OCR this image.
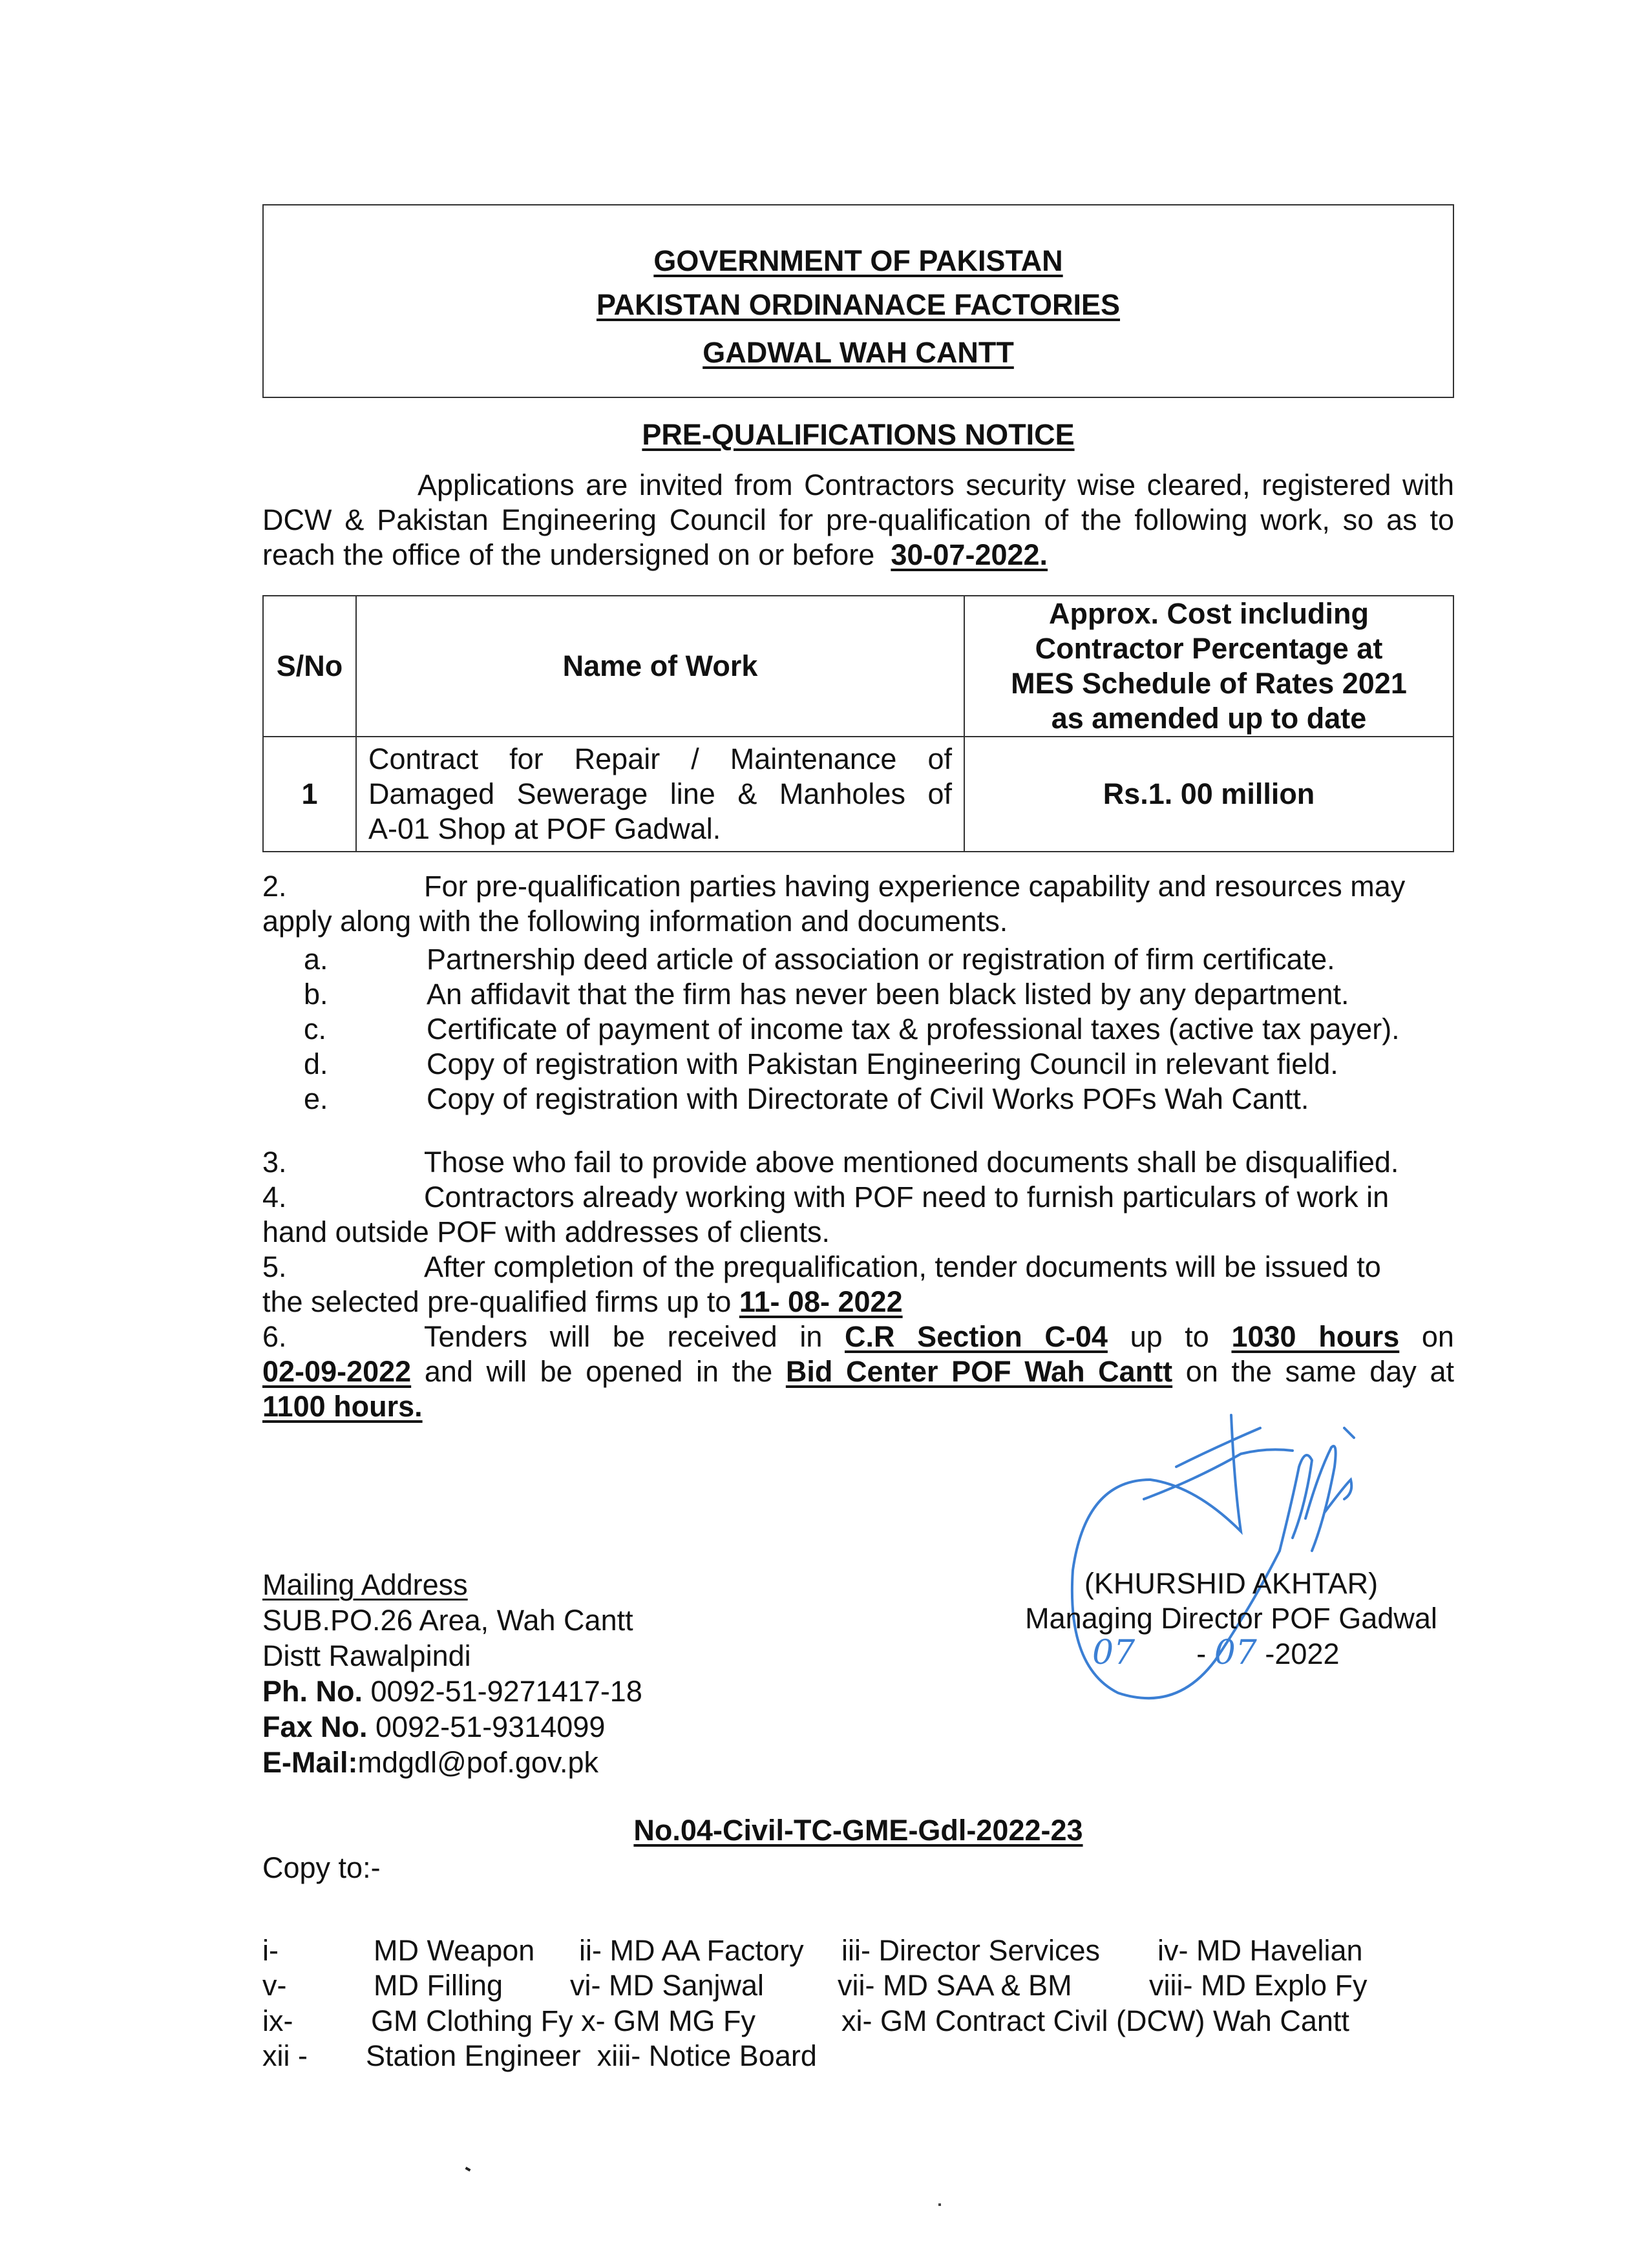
GOVERNMENT OF PAKISTAN
PAKISTAN ORDINANACE FACTORIES
GADWAL WAH CANTT
PRE-QUALIFICATIONS NOTICE
Applications are invited from Contractors security wise cleared, registered with DCW & Pakistan Engineering Council for pre-qualification of the following work, so as to reach the office of the undersigned on or before 30-07-2022.
S/No	Name of Work	Approx. Cost including
Contractor Percentage at
MES Schedule of Rates 2021
as amended up to date

1	Contract for Repair / Maintenance of
Damaged Sewerage line & Manholes of
A-01 Shop at POF Gadwal.	Rs.1. 00 million
2.	For pre-qualification parties having experience capability and resources may
apply along with the following information and documents.
a.	Partnership deed article of association or registration of firm certificate.
b.	An affidavit that the firm has never been black listed by any department.
c.	Certificate of payment of income tax & professional taxes (active tax payer).
d.	Copy of registration with Pakistan Engineering Council in relevant field.
e.	Copy of registration with Directorate of Civil Works POFs Wah Cantt.
3.	Those who fail to provide above mentioned documents shall be disqualified.
4.	Contractors already working with POF need to furnish particulars of work in
hand outside POF with addresses of clients.
5.	After completion of the prequalification, tender documents will be issued to
the selected pre-qualified firms up to 11- 08- 2022
6.	Tenders will be received in C.R Section C-04 up to 1030 hours on
02-09-2022 and will be opened in the Bid Center POF Wah Cantt on the same day at
1100 hours.
(KHURSHID AKHTAR)
Managing Director POF Gadwal
07 - 07 -2022
Mailing Address
SUB.PO.26 Area, Wah Cantt
Distt Rawalpindi
Ph. No. 0092-51-9271417-18
Fax No. 0092-51-9314099
E-Mail:mdgdl@pof.gov.pk
No.04-Civil-TC-GME-Gdl-2022-23
Copy to:-
i-	MD Weapon ii- MD AA Factory iii- Director Services iv- MD Havelian
v-	MD Filling vi- MD Sanjwal	vii- MD SAA & BM	viii- MD Explo Fy
ix-	GM Clothing Fy x- GM MG Fy	xi- GM Contract Civil (DCW) Wah Cantt
xii - Station Engineer  xiii- Notice Board
